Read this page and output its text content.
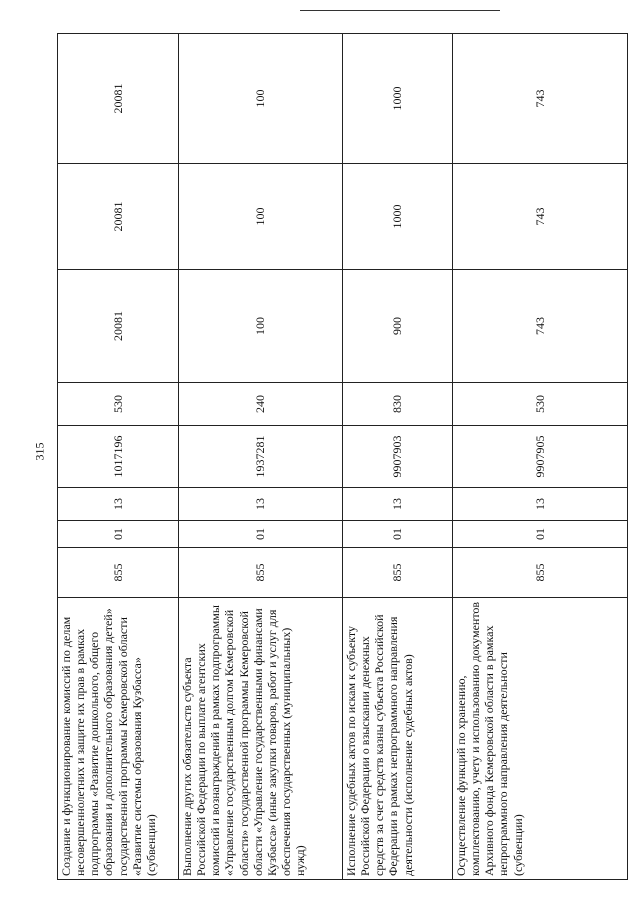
315
Создание и функционирование комиссий по делам несовершеннолетних и защите их прав в рамках подпрограммы «Развитие дошкольного, общего образования и дополнительного образования детей» государственной программы Кемеровской области «Развитие системы образования Кузбасса» (субвенции)	855	01	13	1017196	530	20081	20081	20081
Выполнение других обязательств субъекта Российской Федерации по выплате агентских комиссий и вознаграждений в рамках подпрограммы «Управление государственным долгом Кемеровской области» государственной программы Кемеровской области «Управление государственными финансами Кузбасса» (иные закупки товаров, работ и услуг для обеспечения государственных (муниципальных) нужд)	855	01	13	1937281	240	100	100	100
Исполнение судебных актов по искам к субъекту Российской Федерации о взыскании денежных средств за счет средств казны субъекта Российской Федерации в рамках непрограммного направления деятельности (исполнение судебных актов)	855	01	13	9907903	830	900	1000	1000
Осуществление функций по хранению, комплектованию, учету и использованию документов Архивного фонда Кемеровской области в рамках непрограммного направления деятельности (субвенции)	855	01	13	9907905	530	743	743	743
